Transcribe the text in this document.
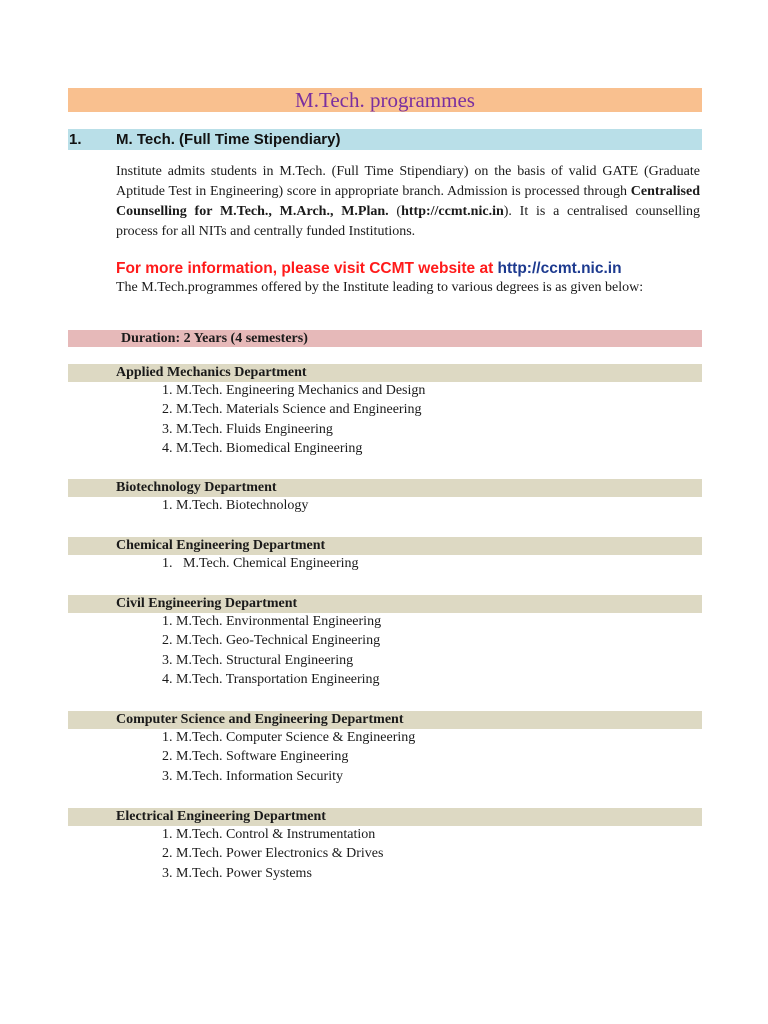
M.Tech. programmes
1. M. Tech. (Full Time Stipendiary)
Institute admits students in M.Tech. (Full Time Stipendiary) on the basis of valid GATE (Graduate Aptitude Test in Engineering) score in appropriate branch. Admission is processed through Centralised Counselling for M.Tech., M.Arch., M.Plan. (http://ccmt.nic.in). It is a centralised counselling process for all NITs and centrally funded Institutions.
For more information, please visit CCMT website at http://ccmt.nic.in
The M.Tech.programmes offered by the Institute leading to various degrees is as given below:
Duration: 2 Years (4 semesters)
Applied Mechanics Department
1. M.Tech. Engineering Mechanics and Design
2. M.Tech. Materials Science and Engineering
3. M.Tech. Fluids Engineering
4. M.Tech. Biomedical Engineering
Biotechnology Department
1. M.Tech. Biotechnology
Chemical Engineering Department
1.   M.Tech. Chemical Engineering
Civil Engineering Department
1. M.Tech. Environmental Engineering
2. M.Tech. Geo-Technical Engineering
3. M.Tech. Structural Engineering
4. M.Tech. Transportation Engineering
Computer Science and Engineering Department
1. M.Tech. Computer Science & Engineering
2. M.Tech. Software Engineering
3. M.Tech. Information Security
Electrical Engineering Department
1. M.Tech. Control & Instrumentation
2. M.Tech. Power Electronics & Drives
3. M.Tech. Power Systems
